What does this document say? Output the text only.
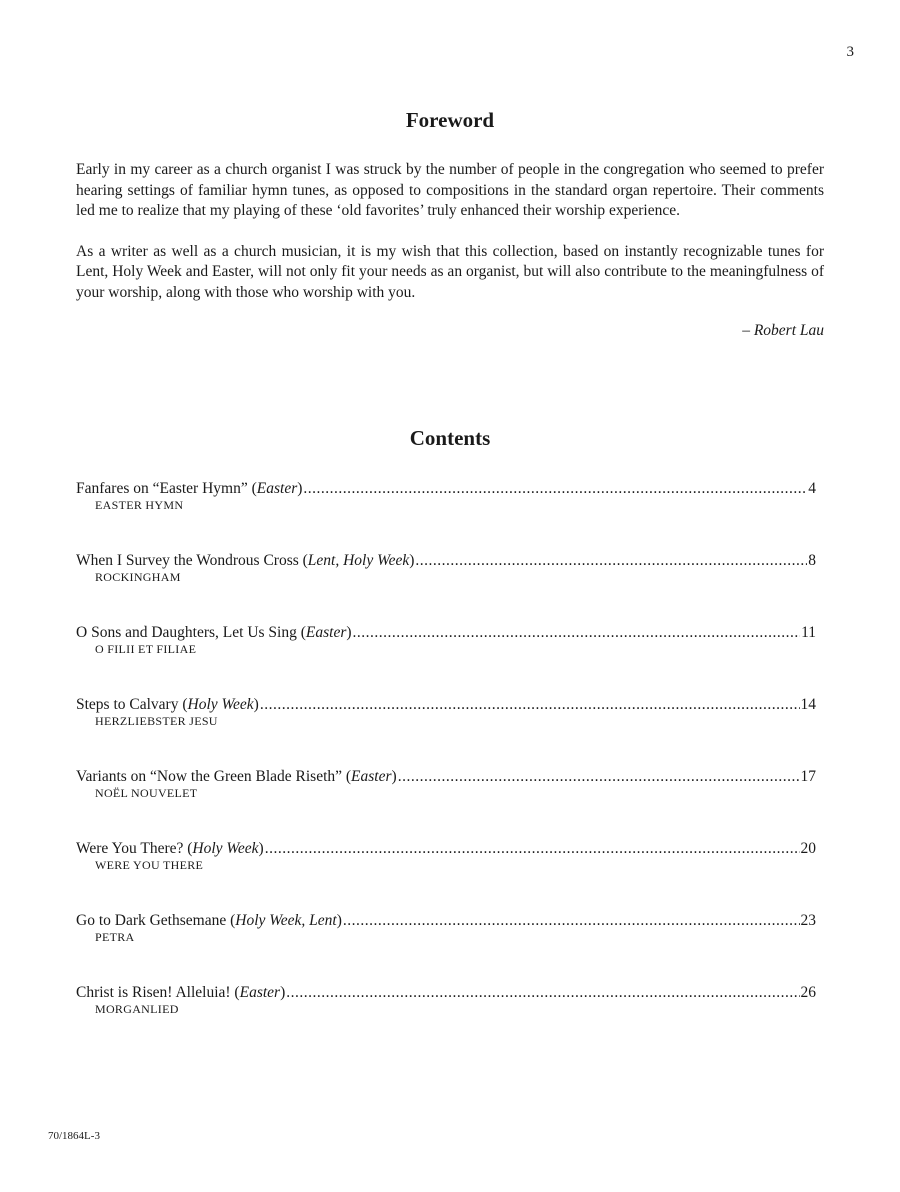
3
Foreword

Early in my career as a church organist I was struck by the number of people in the congregation who seemed to prefer hearing settings of familiar hymn tunes, as opposed to compositions in the standard organ repertoire. Their comments led me to realize that my playing of these ‘old favorites’ truly enhanced their worship experience.

As a writer as well as a church musician, it is my wish that this collection, based on instantly recognizable tunes for Lent, Holy Week and Easter, will not only fit your needs as an organist, but will also contribute to the meaningfulness of your worship, along with those who worship with you.

– Robert Lau
Contents
Fanfares on “Easter Hymn” (Easter) .....	4
EASTER HYMN
When I Survey the Wondrous Cross (Lent, Holy Week) .....	8
ROCKINGHAM
O Sons and Daughters, Let Us Sing (Easter) .....	11
O FILII ET FILIAE
Steps to Calvary (Holy Week) .....	14
HERZLIEBSTER JESU
Variants on “Now the Green Blade Riseth” (Easter) .....	17
NOËL NOUVELET
Were You There? (Holy Week) .....	20
WERE YOU THERE
Go to Dark Gethsemane (Holy Week, Lent) .....	23
PETRA
Christ is Risen! Alleluia! (Easter) .....	26
MORGANLIED
70/1864L-3
